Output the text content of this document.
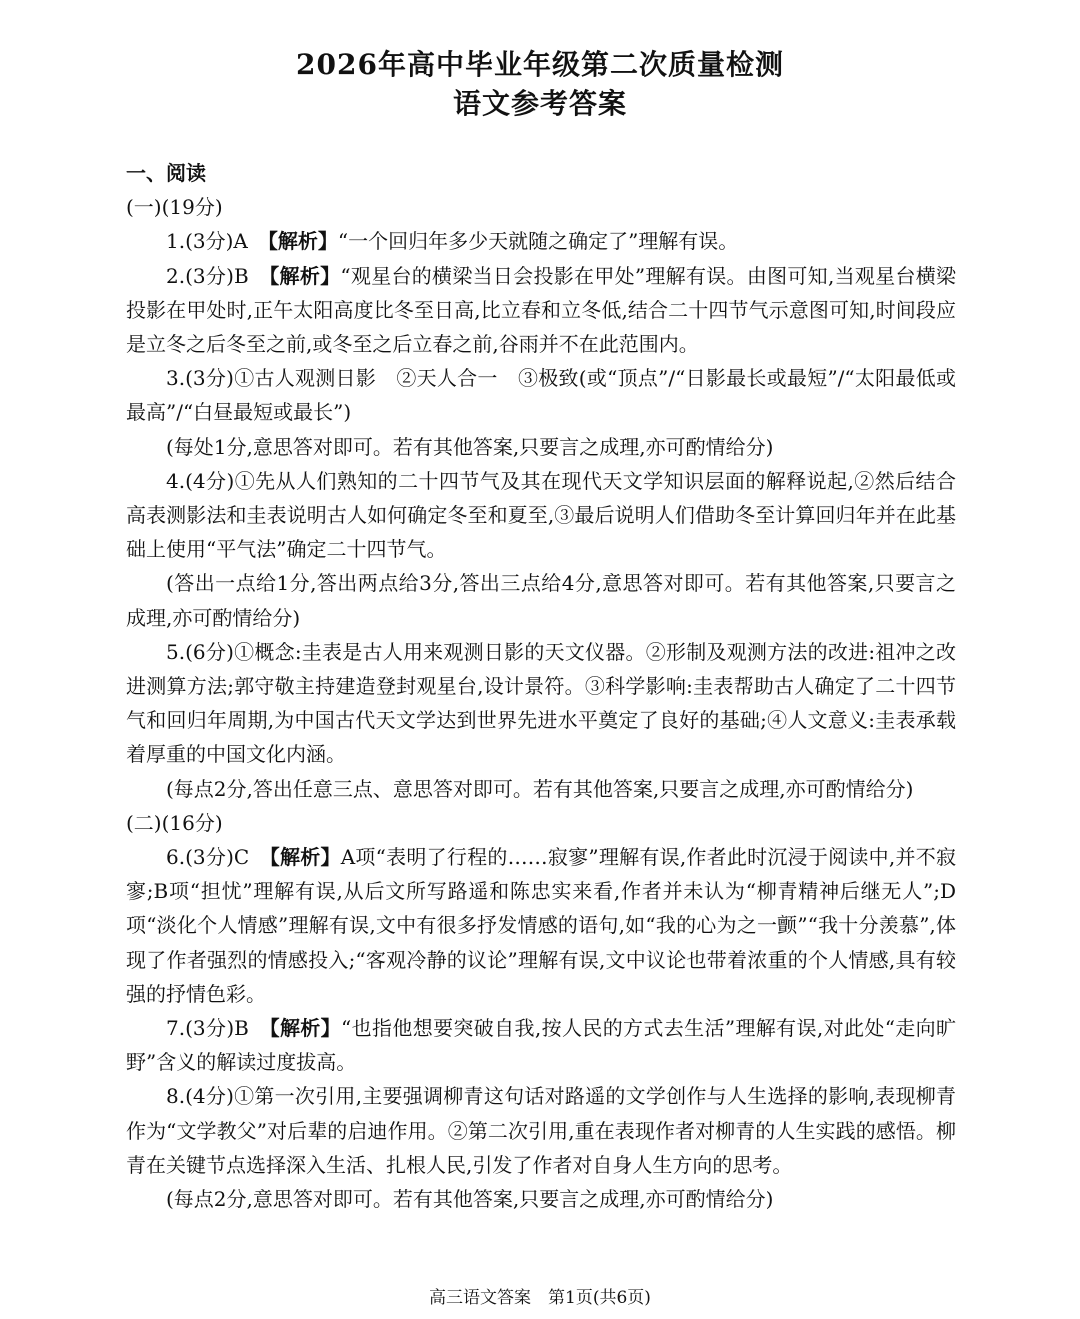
2026年高中毕业年级第二次质量检测
语文参考答案

一、阅读

(一)(19分)

1.(3分)A　 【解析】“一个回归年多少天就随之确定了”理解有误。

2.(3分)B　 【解析】“观星台的横梁当日会投影在甲处”理解有误。由图可知,当观星台横梁投影在甲处时,正午太阳高度比冬至日高,比立春和立冬低,结合二十四节气示意图可知,时间段应是立冬之后冬至之前,或冬至之后立春之前,谷雨并不在此范围内。

3.(3分)①古人观测日影　②天人合一　③极致(或“顶点”/“日影最长或最短”/“太阳最低或最高”/“白昼最短或最长”)

(每处1分,意思答对即可。若有其他答案,只要言之成理,亦可酌情给分)

4.(4分)①先从人们熟知的二十四节气及其在现代天文学知识层面的解释说起,②然后结合高表测影法和圭表说明古人如何确定冬至和夏至,③最后说明人们借助冬至计算回归年并在此基础上使用“平气法”确定二十四节气。

(答出一点给1分,答出两点给3分,答出三点给4分,意思答对即可。若有其他答案,只要言之成理,亦可酌情给分)

5.(6分)①概念:圭表是古人用来观测日影的天文仪器。②形制及观测方法的改进:祖冲之改进测算方法;郭守敬主持建造登封观星台,设计景符。③科学影响:圭表帮助古人确定了二十四节气和回归年周期,为中国古代天文学达到世界先进水平奠定了良好的基础;④人文意义:圭表承载着厚重的中国文化内涵。

(每点2分,答出任意三点、意思答对即可。若有其他答案,只要言之成理,亦可酌情给分)

(二)(16分)

6.(3分)C　 【解析】A项“表明了行程的……寂寥”理解有误,作者此时沉浸于阅读中,并不寂寥;B项“担忧”理解有误,从后文所写路遥和陈忠实来看,作者并未认为“柳青精神后继无人”;D项“淡化个人情感”理解有误,文中有很多抒发情感的语句,如“我的心为之一颤”“我十分羡慕”,体现了作者强烈的情感投入;“客观冷静的议论”理解有误,文中议论也带着浓重的个人情感,具有较强的抒情色彩。

7.(3分)B　 【解析】“也指他想要突破自我,按人民的方式去生活”理解有误,对此处“走向旷野”含义的解读过度拔高。

8.(4分)①第一次引用,主要强调柳青这句话对路遥的文学创作与人生选择的影响,表现柳青作为“文学教父”对后辈的启迪作用。②第二次引用,重在表现作者对柳青的人生实践的感悟。柳青在关键节点选择深入生活、扎根人民,引发了作者对自身人生方向的思考。

(每点2分,意思答对即可。若有其他答案,只要言之成理,亦可酌情给分)

高三语文答案　第1页(共6页)
